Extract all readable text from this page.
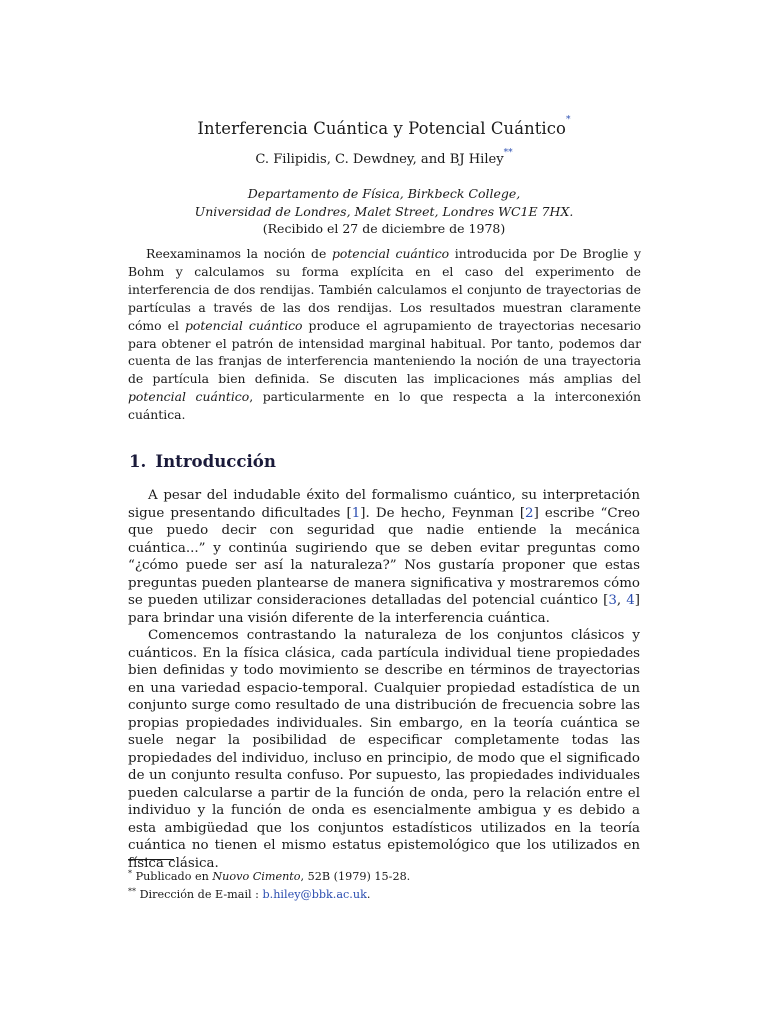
Interferencia Cuántica y Potencial Cuántico*
C. Filipidis, C. Dewdney, and BJ Hiley**
Departamento de Física, Birkbeck College,
Universidad de Londres, Malet Street, Londres WC1E 7HX.
(Recibido el 27 de diciembre de 1978)

Reexaminamos la noción de potencial cuántico introducida por De Broglie y Bohm y calculamos su forma explícita en el caso del experimento de interferencia de dos rendijas. También calculamos el conjunto de trayectorias de partículas a través de las dos rendijas. Los resultados muestran claramente cómo el potencial cuántico produce el agrupamiento de trayectorias necesario para obtener el patrón de intensidad marginal habitual. Por tanto, podemos dar cuenta de las franjas de interferencia manteniendo la noción de una trayectoria de partícula bien definida. Se discuten las implicaciones más amplias del potencial cuántico, particularmente en lo que respecta a la interconexión cuántica.

1. Introducción

A pesar del indudable éxito del formalismo cuántico, su interpretación sigue presentando dificultades [1]. De hecho, Feynman [2] escribe “Creo que puedo decir con seguridad que nadie entiende la mecánica cuántica...” y continúa sugiriendo que se deben evitar preguntas como “¿cómo puede ser así la naturaleza?” Nos gustaría proponer que estas preguntas pueden plantearse de manera significativa y mostraremos cómo se pueden utilizar consideraciones detalladas del potencial cuántico [3, 4] para brindar una visión diferente de la interferencia cuántica.

Comencemos contrastando la naturaleza de los conjuntos clásicos y cuánticos. En la física clásica, cada partícula individual tiene propiedades bien definidas y todo movimiento se describe en términos de trayectorias en una variedad espacio-temporal. Cualquier propiedad estadística de un conjunto surge como resultado de una distribución de frecuencia sobre las propias propiedades individuales. Sin embargo, en la teoría cuántica se suele negar la posibilidad de especificar completamente todas las propiedades del individuo, incluso en principio, de modo que el significado de un conjunto resulta confuso. Por supuesto, las propiedades individuales pueden calcularse a partir de la función de onda, pero la relación entre el individuo y la función de onda es esencialmente ambigua y es debido a esta ambigüedad que los conjuntos estadísticos utilizados en la teoría cuántica no tienen el mismo estatus epistemológico que los utilizados en física clásica.

* Publicado en Nuovo Cimento, 52B (1979) 15-28.
** Dirección de E-mail : b.hiley@bbk.ac.uk.
